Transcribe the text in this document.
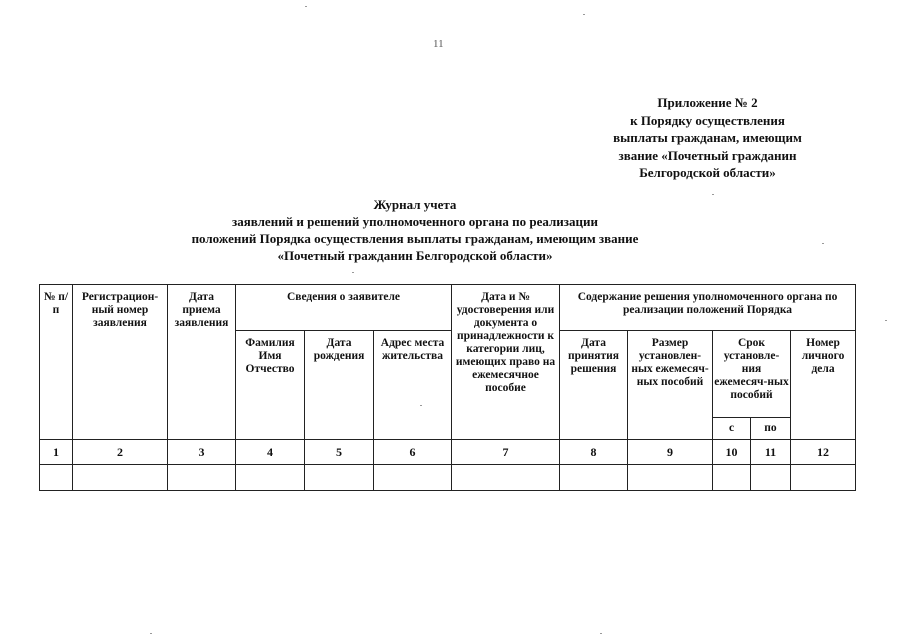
11
Приложение № 2
к Порядку осуществления
выплаты гражданам, имеющим
звание «Почетный гражданин
Белгородской области»
Журнал учета
заявлений и решений уполномоченного органа по реализации
положений Порядка осуществления выплаты гражданам, имеющим звание
«Почетный гражданин Белгородской области»
№ п/п	Регистрацион-ный номер заявления	Дата приема заявления	Сведения о заявителе			Дата и № удостоверения или документа о принадлежности к категории лиц, имеющих право на ежемесячное пособие	Содержание решения уполномоченного органа по реализации положений Порядка				
			Фамилия Имя Отчество	Дата рождения	Адрес места жительства		Дата принятия решения	Размер установлен-ных ежемесяч-ных пособий	Срок установле-ния ежемесяч-ных пособий		Номер личного дела
									с	по	
1	2	3	4	5	6	7	8	9	10	11	12
